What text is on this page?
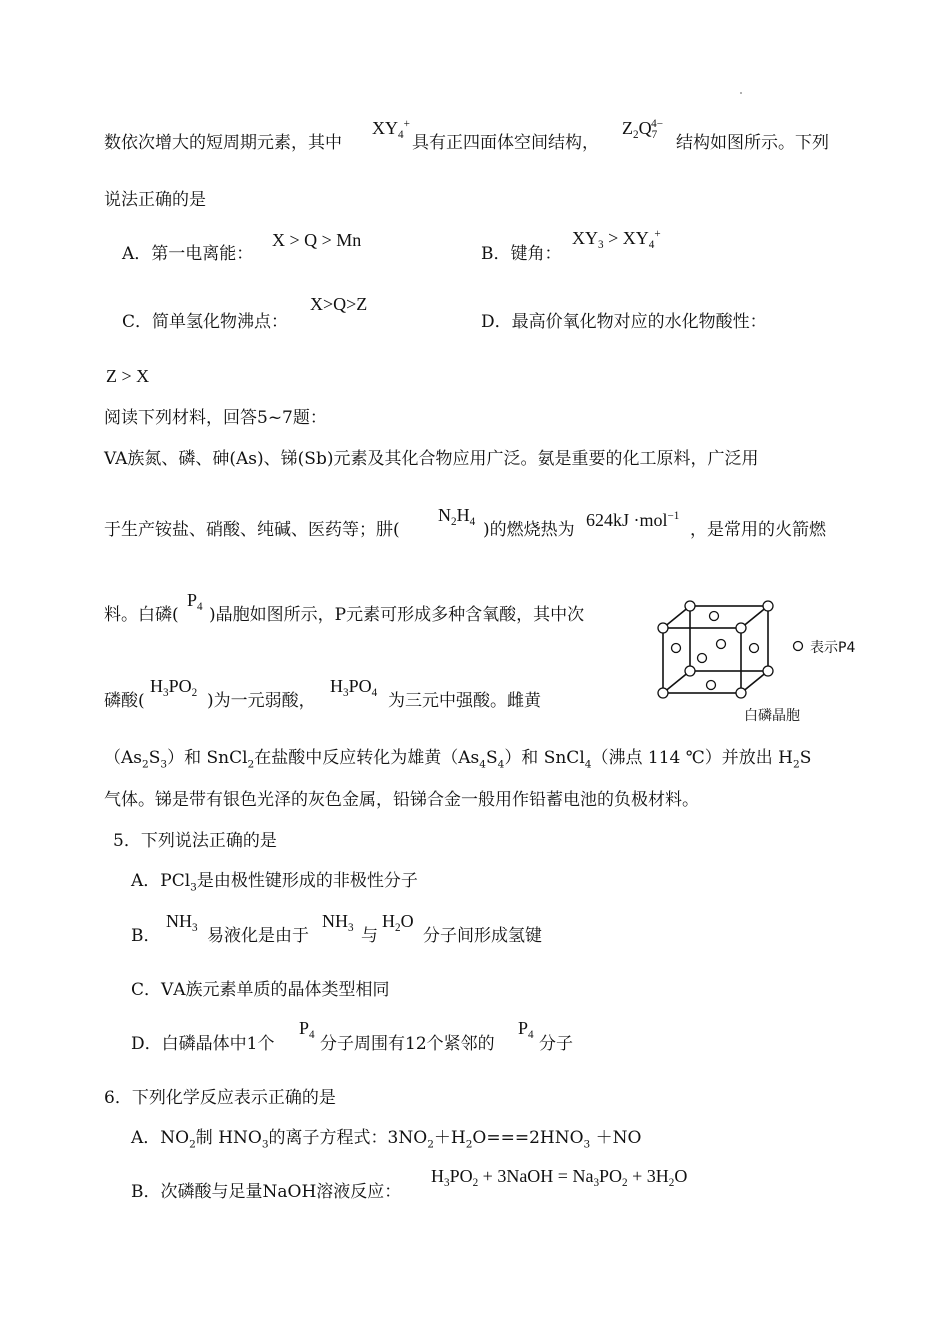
数依次增大的短周期元素，其中
$XY_4^+$
具有正四面体空间结构，
$Z_2Q_7^{4-}$
结构如图所示。下列
说法正确的是
A．第一电离能：
X > Q > Mn
B．键角：
$XY_3 > XY_4^+$
C．简单氢化物沸点：
X>Q>Z
D．最高价氧化物对应的水化物酸性：
Z > X
阅读下列材料，回答5~7题：
VA族氮、磷、砷(As)、锑(Sb)元素及其化合物应用广泛。氨是重要的化工原料，广泛用
于生产铵盐、硝酸、纯碱、医药等；肼(
$N_2H_4$ )的燃烧热为 624kJ ·mol$^{-1}$
，是常用的火箭燃
料。白磷(
$P_4$ )晶胞如图所示，P元素可形成多种含氧酸，其中次
磷酸(
$H_3PO_2$ )为一元弱酸，
$H_3PO_4$ 为三元中强酸。雌黄
表示P4
白磷晶胞
$(As_2S_3)$和 SnCl$_2$在盐酸中反应转化为雄黄$(As_4S_4)$和 SnCl$_4$（沸点 114 ℃）并放出 $H_2S$
气体。锑是带有银色光泽的灰色金属，铅锑合金一般用作铅蓄电池的负极材料。
5．下列说法正确的是
A．PCl$_3$是由极性键形成的非极性分子
B．
$NH_3$ 易液化是由于
$NH_3$ 与
$H_2O$
分子间形成氢键
C．ⅤA族元素单质的晶体类型相同
D．白磷晶体中1个
$P_4$ 分子周围有12个紧邻的
$P_4$ 分子
6．下列化学反应表示正确的是
A．$NO_2$制 $HNO_3$的离子方程式：$3NO_2+H_2O===2HNO_3 +NO$
B．次磷酸与足量NaOH溶液反应：
$H_3PO_2$ + 3NaOH = $Na_3PO_2 + 3H_2O$
